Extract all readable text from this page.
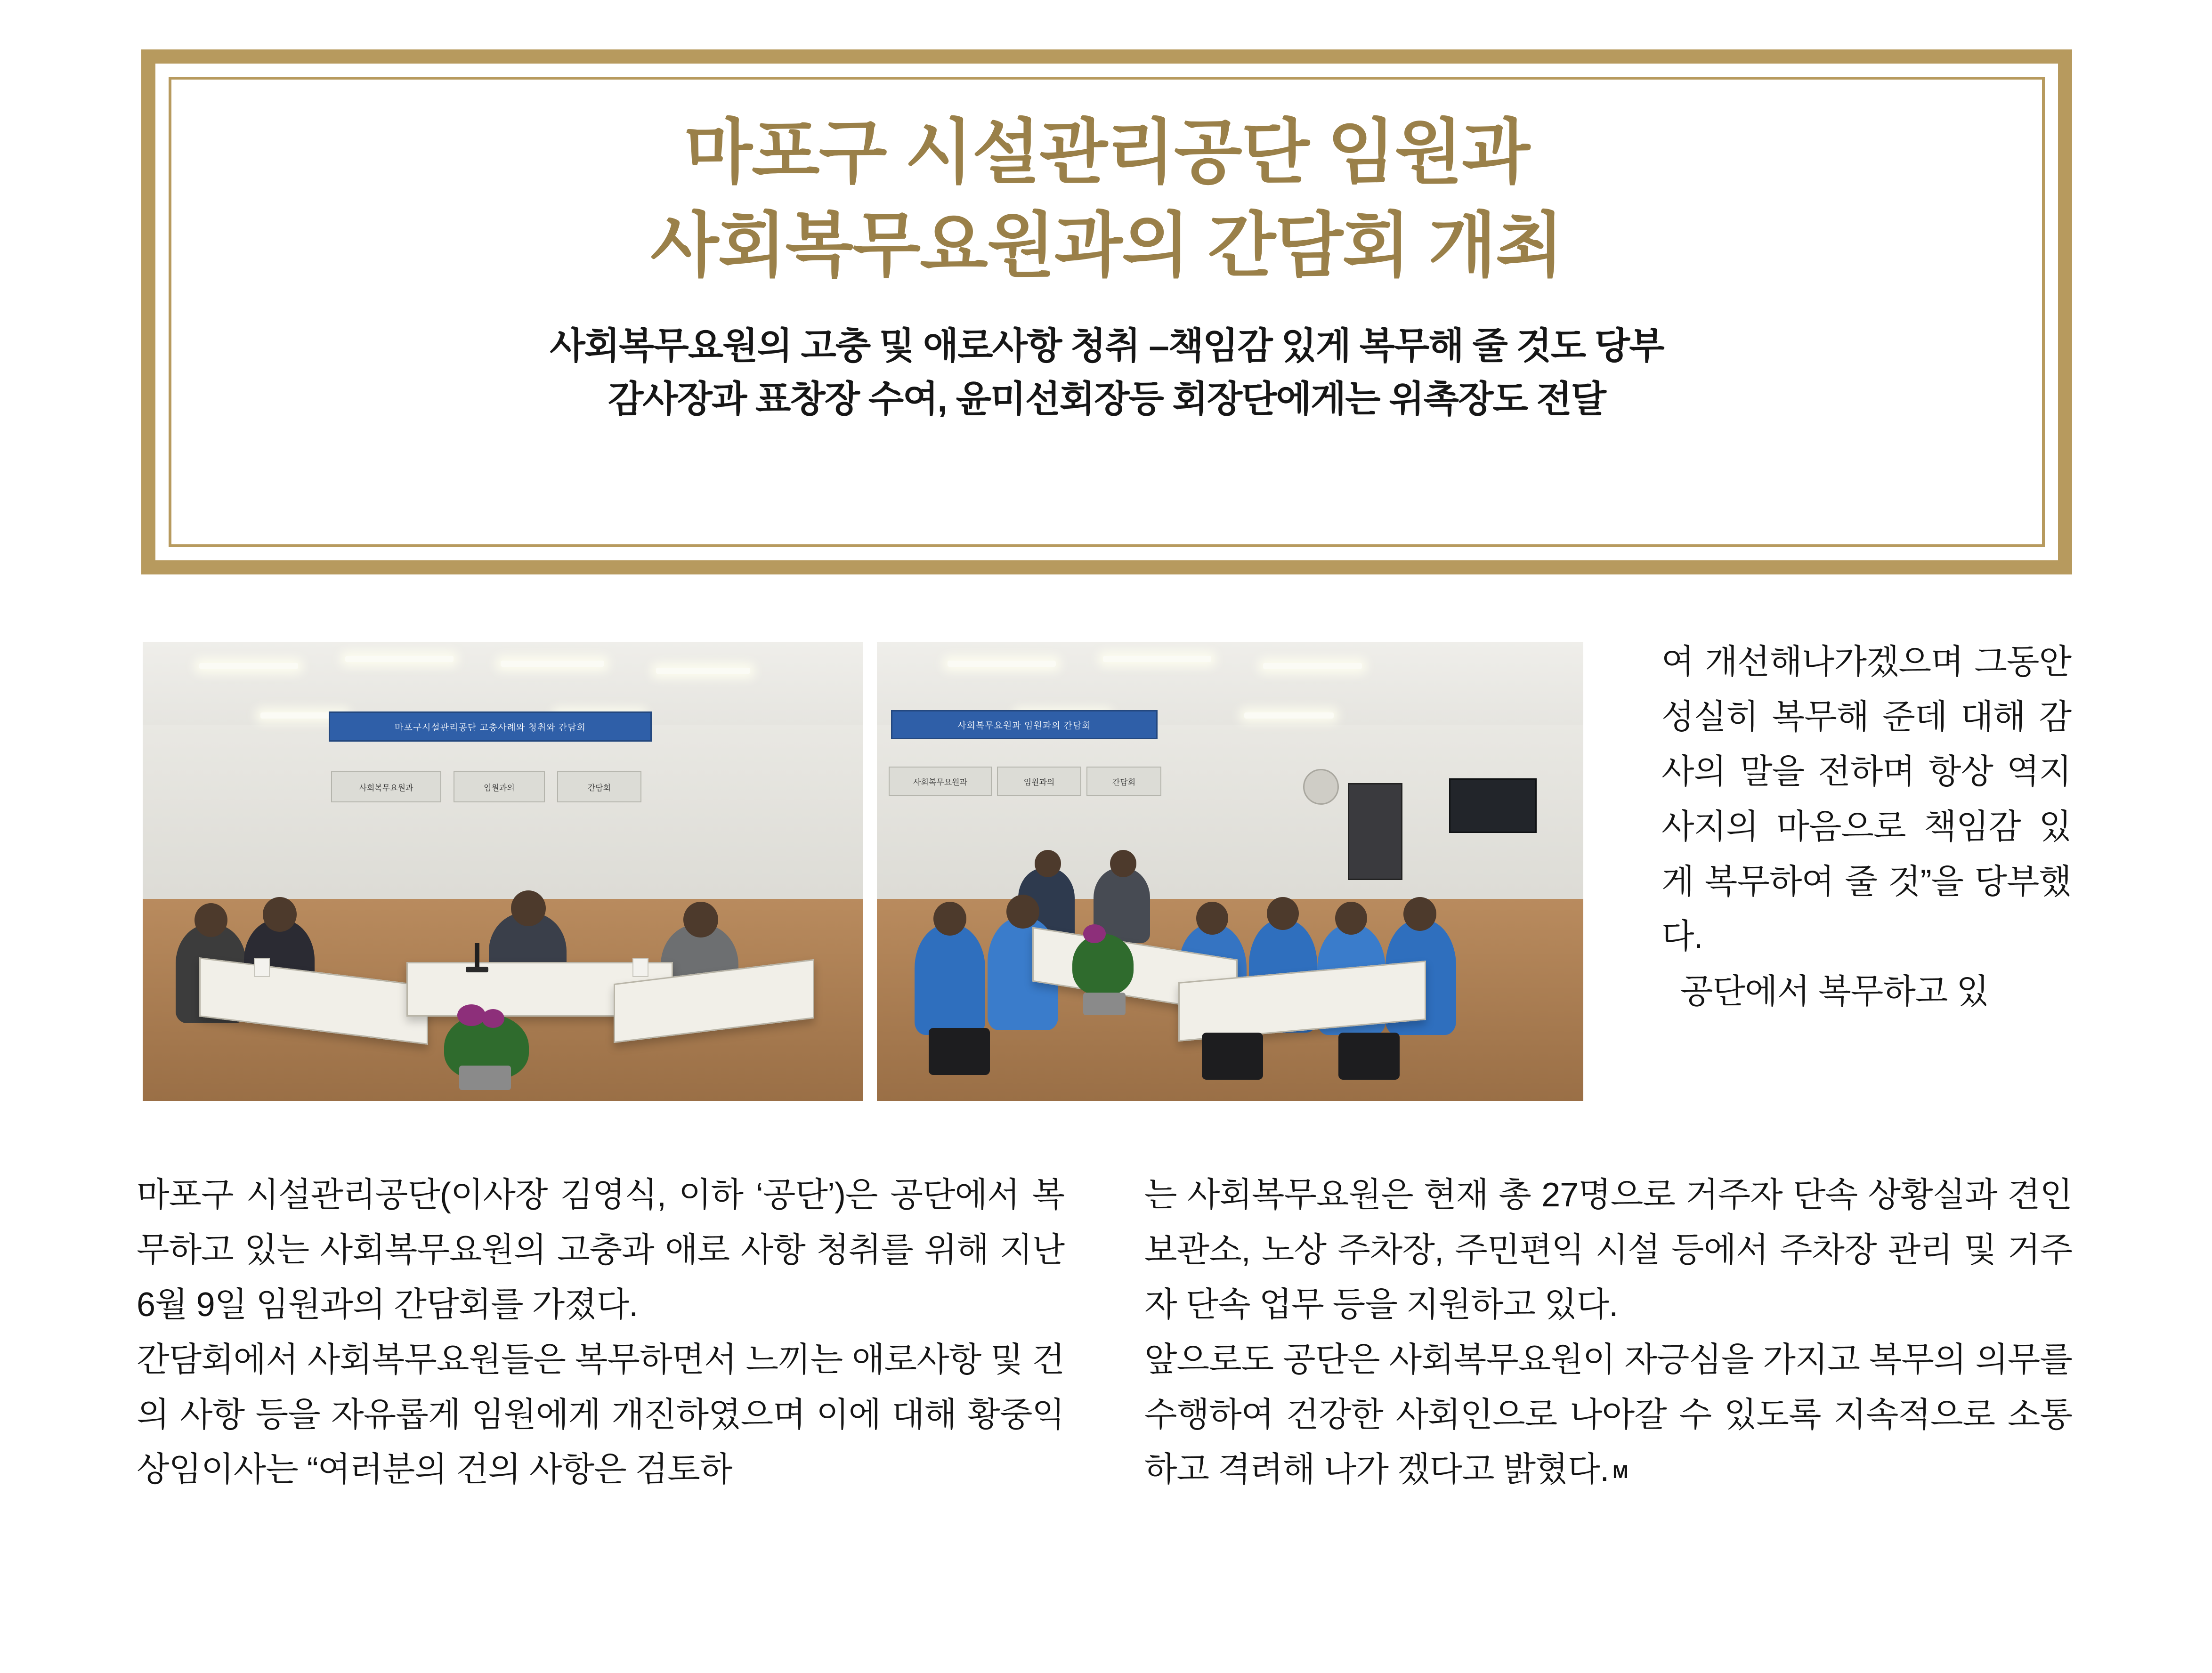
마포구 시설관리공단 임원과
사회복무요원과의 간담회 개최
사회복무요원의 고충 및 애로사항 청취 –책임감 있게 복무해 줄 것도 당부
감사장과 표창장 수여, 윤미선회장등 회장단에게는 위촉장도 전달
마포구시설관리공단 고충사례와 청취와 간담회
사회복무요원과	임원과의	간담회
사회복무요원과 임원과의 간담회
사회복무요원과	임원과의	간담회

여 개선해나가겠으며 그동안 성실히 복무해 준데 대해 감사의 말을 전하며 항상 역지사지의 마음으로 책임감 있게 복무하여 줄 것”을 당부했다.

공단에서 복무하고 있

마포구 시설관리공단(이사장 김영식, 이하 ‘공단’)은 공단에서 복무하고 있는 사회복무요원의 고충과 애로 사항 청취를 위해 지난 6월 9일 임원과의 간담회를 가졌다.

간담회에서 사회복무요원들은 복무하면서 느끼는 애로사항 및 건의 사항 등을 자유롭게 임원에게 개진하였으며 이에 대해 황중익 상임이사는 “여러분의 건의 사항은 검토하

는 사회복무요원은 현재 총 27명으로 거주자 단속 상황실과 견인보관소, 노상 주차장, 주민편익 시설 등에서 주차장 관리 및 거주자 단속 업무 등을 지원하고 있다.

앞으로도 공단은 사회복무요원이 자긍심을 가지고 복무의 의무를 수행하여 건강한 사회인으로 나아갈 수 있도록 지속적으로 소통하고 격려해 나가 겠다고 밝혔다. M
